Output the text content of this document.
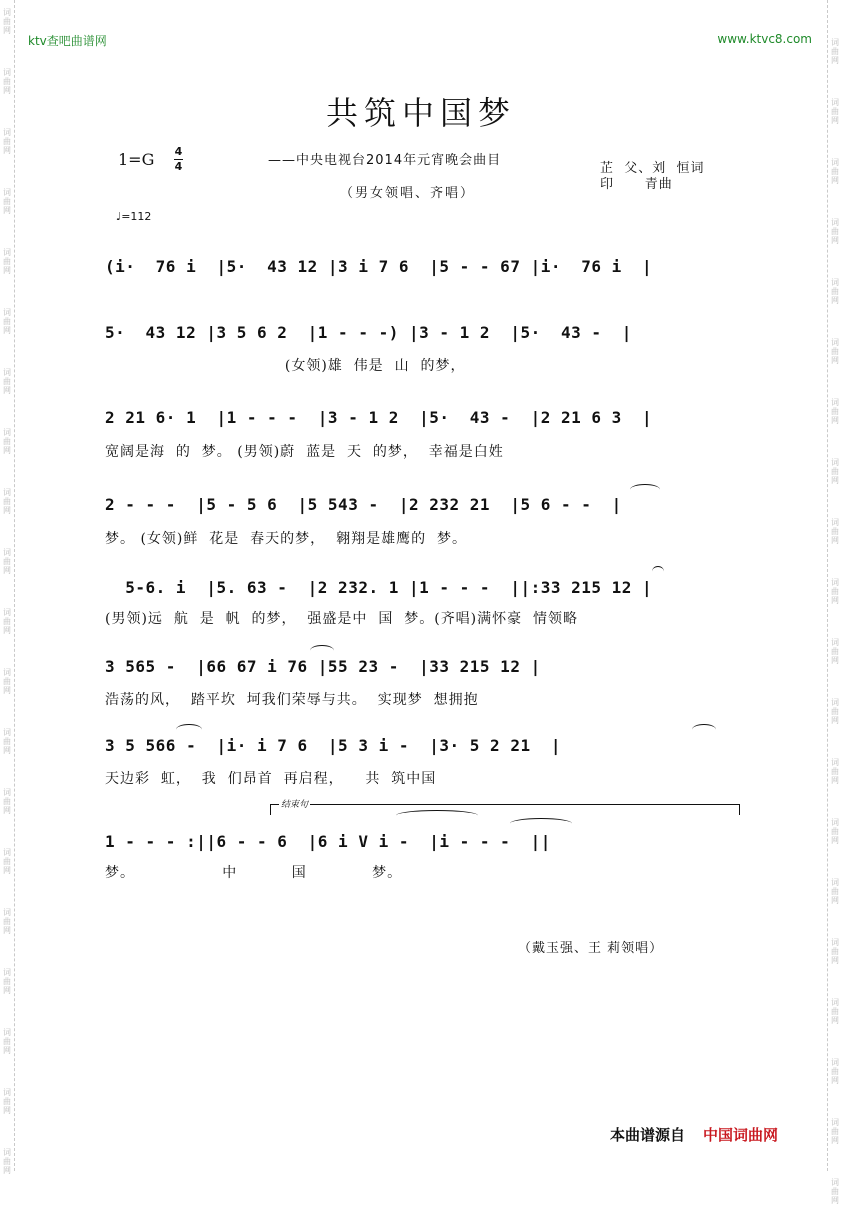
词
曲
网
词
曲
网
词
曲
网
词
曲
网
词
曲
网
词
曲
网
词
曲
网
词
曲
网
词
曲
网
词
曲
网
词
曲
网
词
曲
网
词
曲
网
词
曲
网
词
曲
网
词
曲
网
词
曲
网
词
曲
网
词
曲
网
词
曲
网
词
曲
网
词
曲
网
词
曲
网
词
曲
网
词
曲
网
词
曲
网
词
曲
网
词
曲
网
词
曲
网
词
曲
网
词
曲
网
词
曲
网
词
曲
网
词
曲
网
词
曲
网
词
曲
网
词
曲
网
词
曲
网
词
曲
网
词
曲
网
ktv查吧曲谱网	www.ktvc8.com
共筑中国梦
1=G 4
4	——中央电视台2014年元宵晚会曲目
（男女领唱、齐唱）
芷  父、刘  恒词
印      青曲
♩=112
(i·  76 i  |5·  43 12 |3 i 7 6  |5 - - 67 |i·  76 i  |
5·  43 12 |3 5 6 2  |1 - - -) |3 - 1 2  |5·  43 -  |
(女领)雄  伟是  山  的梦，
2 21 6· 1  |1 - - -  |3 - 1 2  |5·  43 -  |2 21 6 3  |
宽阔是海  的  梦。 (男领)蔚  蓝是  天  的梦，  幸福是白姓
2 - - -  |5 - 5 6  |5 543 -  |2 232 21  |5 6 - -  |
梦。 (女领)鲜  花是  春天的梦，  翱翔是雄鹰的  梦。
5-6. i  |5. 63 -  |2 232. 1 |1 - - -  ||:33 215 12 |
(男领)远  航  是  帆  的梦，  强盛是中  国  梦。(齐唱)满怀豪  情领略
3 565 -  |66 67 i 76 |55 23 -  |33 215 12 |
浩荡的风，  踏平坎  坷我们荣辱与共。  实现梦  想拥抱
3 5 566 -  |i· i 7 6  |5 3 i -  |3· 5 2 21  |
天边彩  虹，  我  们昂首  再启程，    共  筑中国
1 - - - :||6 - - 6  |6 i V i -  |i - - -  ||
梦。                中          国            梦。
结束句
（戴玉强、王 莉领唱）
本曲谱源自 中国词曲网
